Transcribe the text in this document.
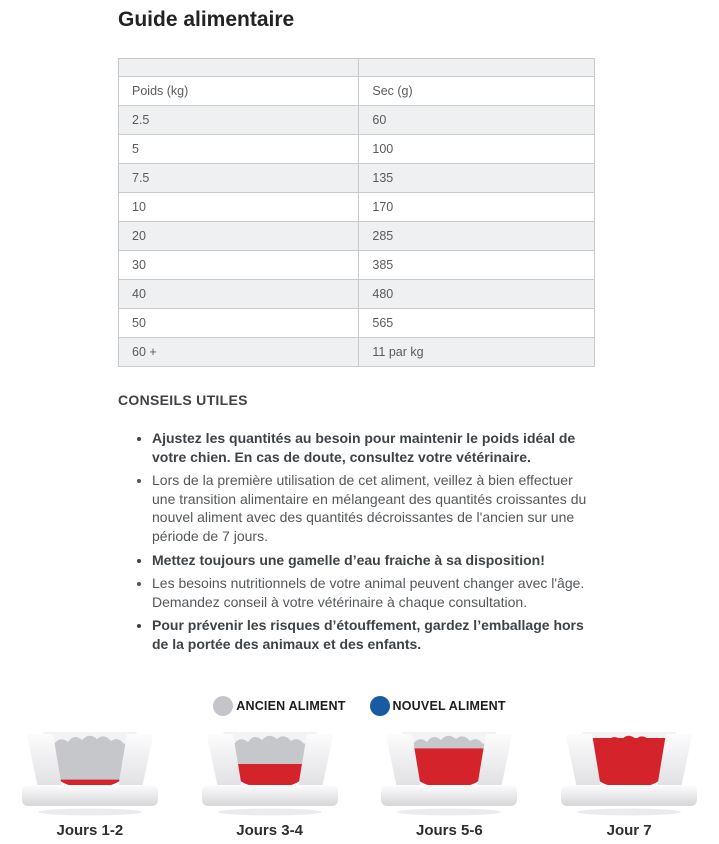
Guide alimentaire

Poids (kg)	Sec (g)
2.5	60
5	100
7.5	135
10	170
20	285
30	385
40	480
50	565
60 +	11 par kg
CONSEILS UTILES
• Ajustez les quantités au besoin pour maintenir le poids idéal de votre chien. En cas de doute, consultez votre vétérinaire.
• Lors de la première utilisation de cet aliment, veillez à bien effectuer une transition alimentaire en mélangeant des quantités croissantes du nouvel aliment avec des quantités décroissantes de l'ancien sur une période de 7 jours.
• Mettez toujours une gamelle d’eau fraiche à sa disposition!
• Les besoins nutritionnels de votre animal peuvent changer avec l'âge. Demandez conseil à votre vétérinaire à chaque consultation.
• Pour prévenir les risques d’étouffement, gardez l’emballage hors de la portée des animaux et des enfants.
ANCIEN ALIMENT	NOUVEL ALIMENT
Jours 1-2	Jours 3-4	Jours 5-6	Jour 7
